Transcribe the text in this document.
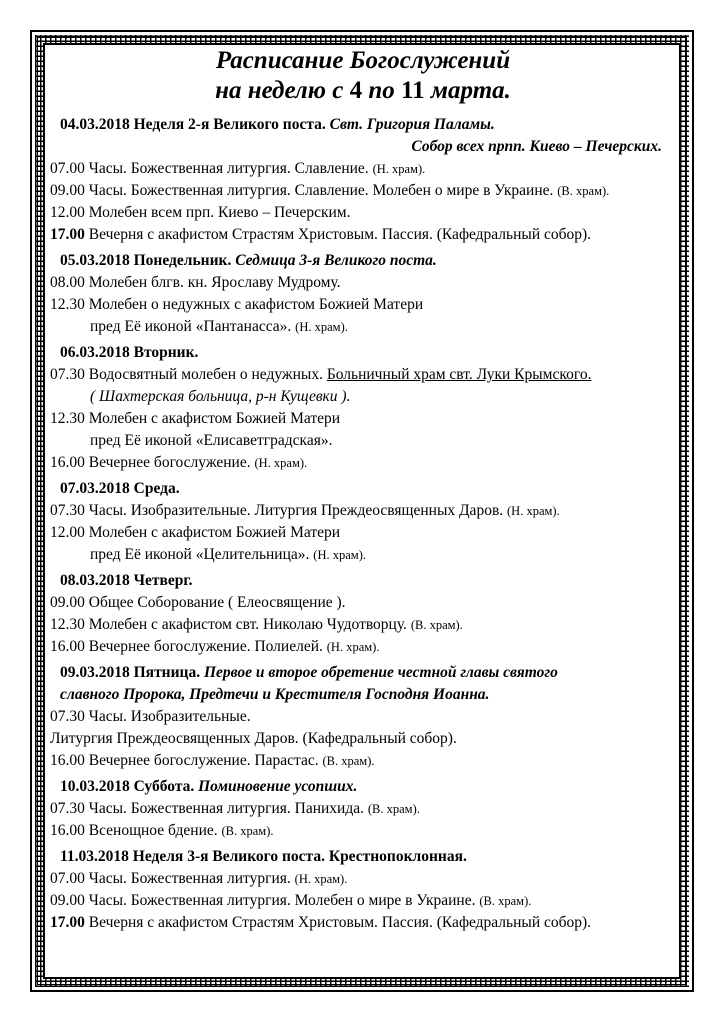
Расписание Богослужений
на неделю с 4 по 11 марта.
04.03.2018 Неделя 2-я Великого поста. Свт. Григория Паламы.
Собор всех прпп. Киево – Печерских.
07.00 Часы. Божественная литургия. Славление. (Н. храм).
09.00 Часы. Божественная литургия. Славление. Молебен о мире в Украине. (В. храм).
12.00 Молебен всем прп. Киево – Печерским.
17.00 Вечерня с акафистом Страстям Христовым. Пассия. (Кафедральный собор).
05.03.2018 Понедельник. Седмица 3-я Великого поста.
08.00 Молебен блгв. кн. Ярославу Мудрому.
12.30 Молебен о недужных с акафистом Божией Матери
пред Её иконой «Пантанасса». (Н. храм).
06.03.2018 Вторник.
07.30 Водосвятный молебен о недужных. Больничный храм свт. Луки Крымского.
( Шахтерская больница, р-н Кущевки ).
12.30 Молебен с акафистом Божией Матери
пред Её иконой «Елисаветградская».
16.00 Вечернее богослужение. (Н. храм).
07.03.2018 Среда.
07.30 Часы. Изобразительные. Литургия Преждеосвященных Даров. (Н. храм).
12.00 Молебен с акафистом Божией Матери
пред Её иконой «Целительница». (Н. храм).
08.03.2018 Четверг.
09.00 Общее Соборование ( Елеосвящение ).
12.30 Молебен с акафистом свт. Николаю Чудотворцу. (В. храм).
16.00 Вечернее богослужение. Полиелей. (Н. храм).
09.03.2018 Пятница. Первое и второе обретение честной главы святого
славного Пророка, Предтечи и Крестителя Господня Иоанна.
07.30 Часы. Изобразительные.
Литургия Преждеосвященных Даров. (Кафедральный собор).
16.00 Вечернее богослужение. Парастас. (В. храм).
10.03.2018 Суббота. Поминовение усопших.
07.30 Часы. Божественная литургия. Панихида. (В. храм).
16.00 Всенощное бдение. (В. храм).
11.03.2018 Неделя 3-я Великого поста. Крестнопоклонная.
07.00 Часы. Божественная литургия. (Н. храм).
09.00 Часы. Божественная литургия. Молебен о мире в Украине. (В. храм).
17.00 Вечерня с акафистом Страстям Христовым. Пассия. (Кафедральный собор).
